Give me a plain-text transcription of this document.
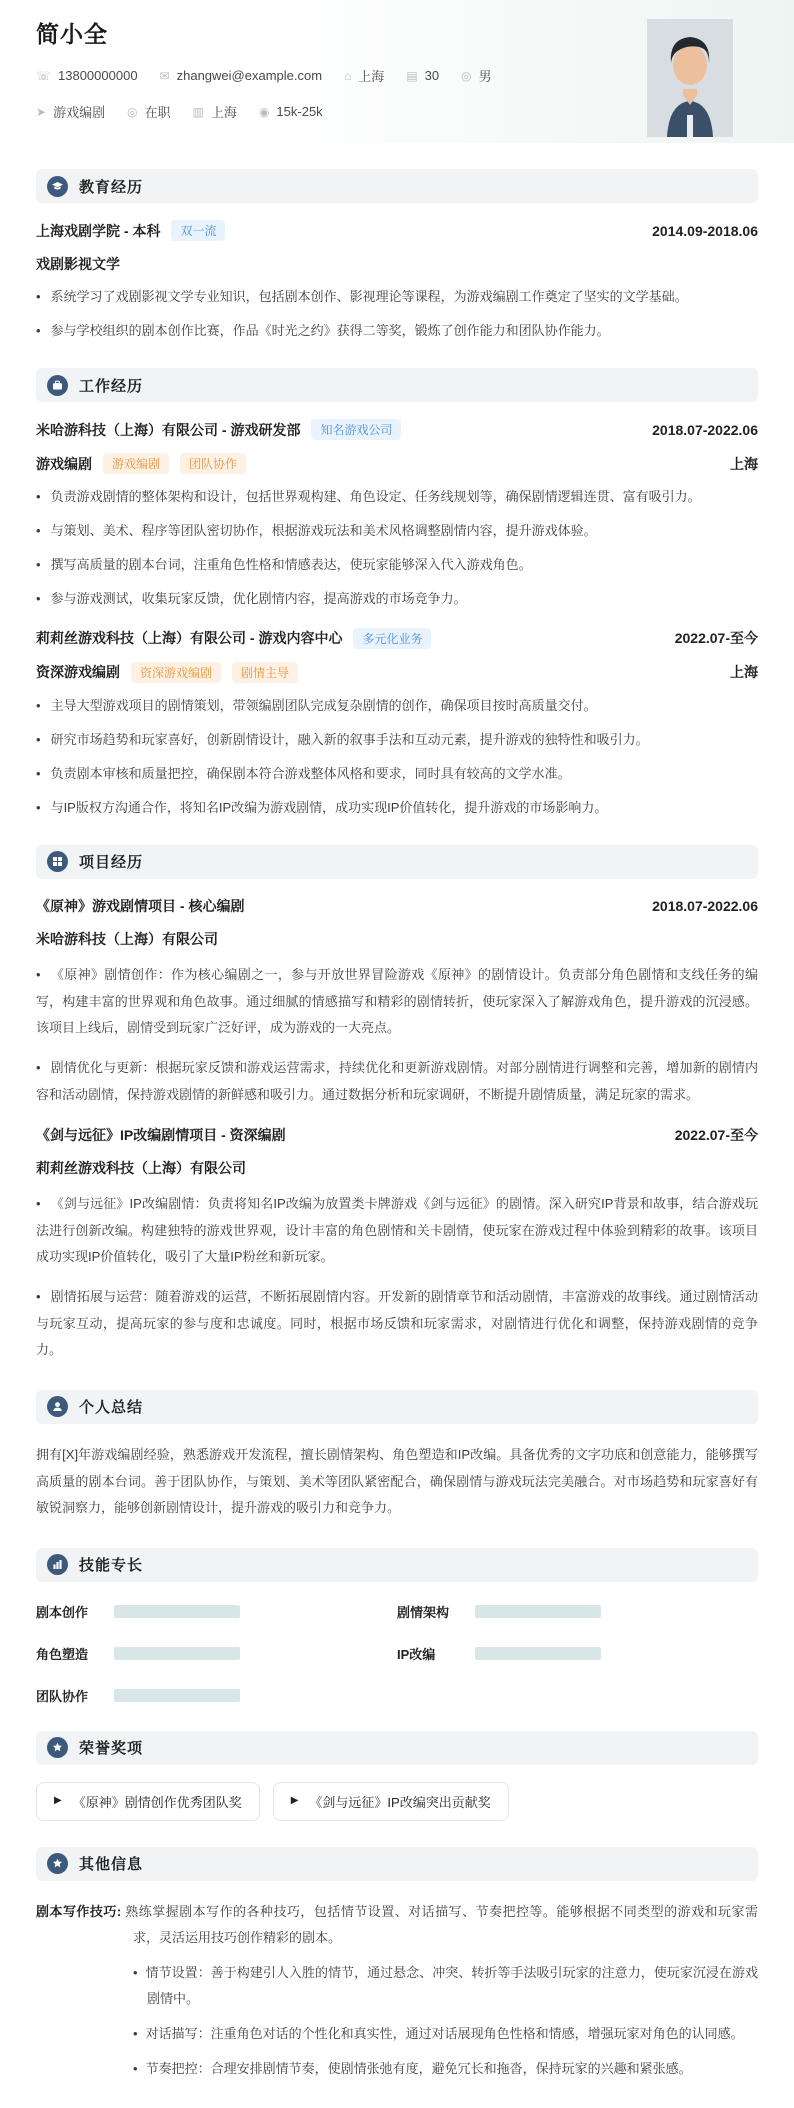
简小全
☏ 13800000000 ✉ zhangwei@example.com ⌂ 上海 ▤ 30 ◎ 男
➤ 游戏编剧 ◎ 在职 ▥ 上海 ◉ 15k-25k
教育经历
上海戏剧学院 - 本科	双一流	2014.09-2018.06
戏剧影视文学
• 系统学习了戏剧影视文学专业知识，包括剧本创作、影视理论等课程，为游戏编剧工作奠定了坚实的文学基础。
• 参与学校组织的剧本创作比赛，作品《时光之约》获得二等奖，锻炼了创作能力和团队协作能力。
工作经历
米哈游科技（上海）有限公司 - 游戏研发部	知名游戏公司	2018.07-2022.06
游戏编剧	游戏编剧	团队协作	上海
• 负责游戏剧情的整体架构和设计，包括世界观构建、角色设定、任务线规划等，确保剧情逻辑连贯、富有吸引力。
• 与策划、美术、程序等团队密切协作，根据游戏玩法和美术风格调整剧情内容，提升游戏体验。
• 撰写高质量的剧本台词，注重角色性格和情感表达，使玩家能够深入代入游戏角色。
• 参与游戏测试，收集玩家反馈，优化剧情内容，提高游戏的市场竞争力。
莉莉丝游戏科技（上海）有限公司 - 游戏内容中心	多元化业务	2022.07-至今
资深游戏编剧	资深游戏编剧	剧情主导	上海
• 主导大型游戏项目的剧情策划，带领编剧团队完成复杂剧情的创作，确保项目按时高质量交付。
• 研究市场趋势和玩家喜好，创新剧情设计，融入新的叙事手法和互动元素，提升游戏的独特性和吸引力。
• 负责剧本审核和质量把控，确保剧本符合游戏整体风格和要求，同时具有较高的文学水准。
• 与IP版权方沟通合作，将知名IP改编为游戏剧情，成功实现IP价值转化，提升游戏的市场影响力。
项目经历
《原神》游戏剧情项目 - 核心编剧	2018.07-2022.06
米哈游科技（上海）有限公司
• 《原神》剧情创作：作为核心编剧之一，参与开放世界冒险游戏《原神》的剧情设计。负责部分角色剧情和支线任务的编写，构建丰富的世界观和角色故事。通过细腻的情感描写和精彩的剧情转折，使玩家深入了解游戏角色，提升游戏的沉浸感。该项目上线后，剧情受到玩家广泛好评，成为游戏的一大亮点。
• 剧情优化与更新：根据玩家反馈和游戏运营需求，持续优化和更新游戏剧情。对部分剧情进行调整和完善，增加新的剧情内容和活动剧情，保持游戏剧情的新鲜感和吸引力。通过数据分析和玩家调研，不断提升剧情质量，满足玩家的需求。
《剑与远征》IP改编剧情项目 - 资深编剧	2022.07-至今
莉莉丝游戏科技（上海）有限公司
• 《剑与远征》IP改编剧情：负责将知名IP改编为放置类卡牌游戏《剑与远征》的剧情。深入研究IP背景和故事，结合游戏玩法进行创新改编。构建独特的游戏世界观，设计丰富的角色剧情和关卡剧情，使玩家在游戏过程中体验到精彩的故事。该项目成功实现IP价值转化，吸引了大量IP粉丝和新玩家。
• 剧情拓展与运营：随着游戏的运营，不断拓展剧情内容。开发新的剧情章节和活动剧情，丰富游戏的故事线。通过剧情活动与玩家互动，提高玩家的参与度和忠诚度。同时，根据市场反馈和玩家需求，对剧情进行优化和调整，保持游戏剧情的竞争力。
个人总结
拥有[X]年游戏编剧经验，熟悉游戏开发流程，擅长剧情架构、角色塑造和IP改编。具备优秀的文字功底和创意能力，能够撰写高质量的剧本台词。善于团队协作，与策划、美术等团队紧密配合，确保剧情与游戏玩法完美融合。对市场趋势和玩家喜好有敏锐洞察力，能够创新剧情设计，提升游戏的吸引力和竞争力。
技能专长
剧本创作	剧情架构
角色塑造	IP改编
团队协作
荣誉奖项
▶ 《原神》剧情创作优秀团队奖	▶ 《剑与远征》IP改编突出贡献奖
其他信息
剧本写作技巧: 熟练掌握剧本写作的各种技巧，包括情节设置、对话描写、节奏把控等。能够根据不同类型的游戏和玩家需求，灵活运用技巧创作精彩的剧本。
• 情节设置：善于构建引人入胜的情节，通过悬念、冲突、转折等手法吸引玩家的注意力，使玩家沉浸在游戏剧情中。
• 对话描写：注重角色对话的个性化和真实性，通过对话展现角色性格和情感，增强玩家对角色的认同感。
• 节奏把控：合理安排剧情节奏，使剧情张弛有度，避免冗长和拖沓，保持玩家的兴趣和紧张感。
